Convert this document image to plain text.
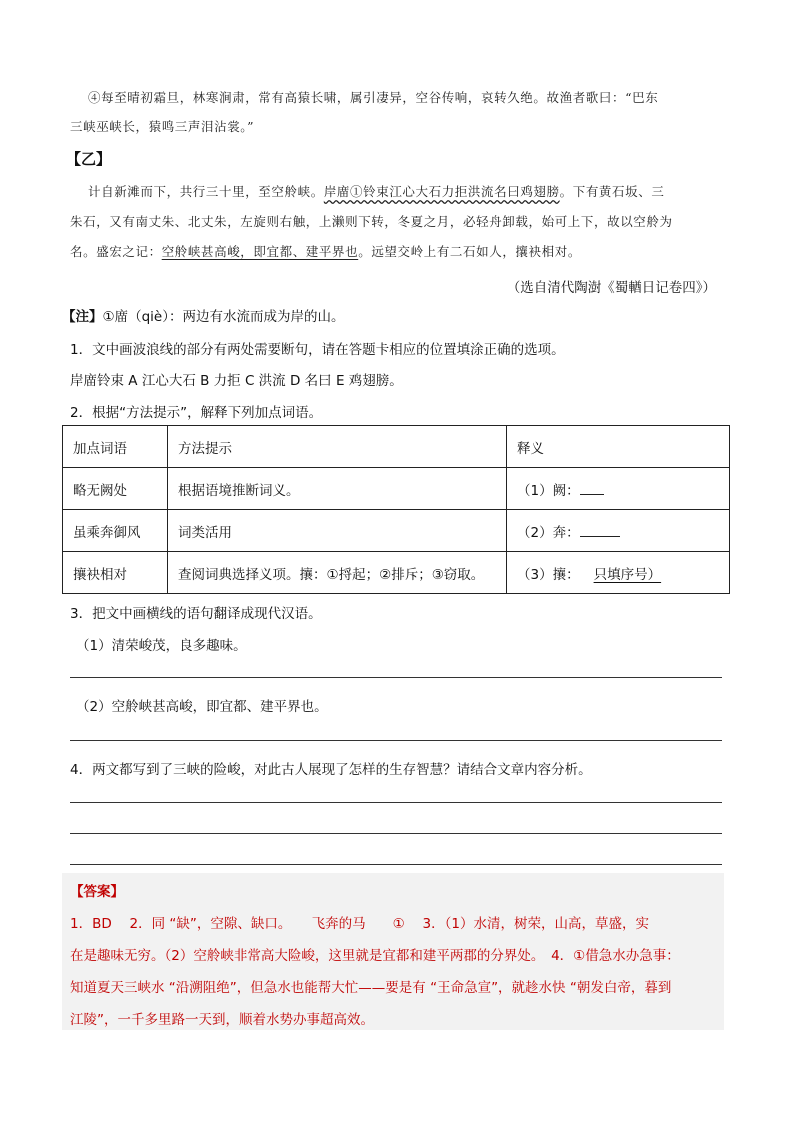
④每至晴初霜旦，林寒涧肃，常有高猿长啸，属引凄异，空谷传响，哀转久绝。故渔者歌曰：“巴东
三峡巫峡长，猿鸣三声泪沾裳。”
【乙】
计自新滩而下，共行三十里，至空舲峡。岸庿①铃束江心大石力拒洪流名曰鸡翅膀。下有黄石坂、三
朱石，又有南丈朱、北丈朱，左旋则右触，上濑则下转，冬夏之月，必轻舟卸载，始可上下，故以空舲为
名。盛宏之记：空舲峡甚高峻，即宜都、建平界也。远望交岭上有二石如人，攘袂相对。
（选自清代陶澍《蜀輶日记卷四》）
【注】①庿（qiè）：两边有水流而成为岸的山。
1．文中画波浪线的部分有两处需要断句，请在答题卡相应的位置填涂正确的选项。
岸庿铃束 A 江心大石 B 力拒 C 洪流 D 名曰 E 鸡翅膀。
2．根据“方法提示”，解释下列加点词语。
加点词语	方法提示	释义
略无阙处	根据语境推断词义。	（1）阙：
虽乘奔御风	词类活用	（2）奔：
攘袂相对	查阅词典选择义项。攘：①捋起；②排斥；③窃取。	（3）攘： 只填序号）
3．把文中画横线的语句翻译成现代汉语。
（1）清荣峻茂，良多趣味。
（2）空舲峡甚高峻，即宜都、建平界也。
4．两文都写到了三峡的险峻，对此古人展现了怎样的生存智慧？请结合文章内容分析。
【答案】
1．BD　 2．同 “缺”，空隙、缺口。　　飞奔的马　　①　 3．（1）水清，树荣，山高，草盛，实
在是趣味无穷。（2）空舲峡非常高大险峻，这里就是宜都和建平两郡的分界处。　4．①借急水办急事：
知道夏天三峡水 “沿溯阻绝”，但急水也能帮大忙——要是有 “王命急宣”，就趁水快 “朝发白帝，暮到
江陵”，一千多里路一天到，顺着水势办事超高效。
